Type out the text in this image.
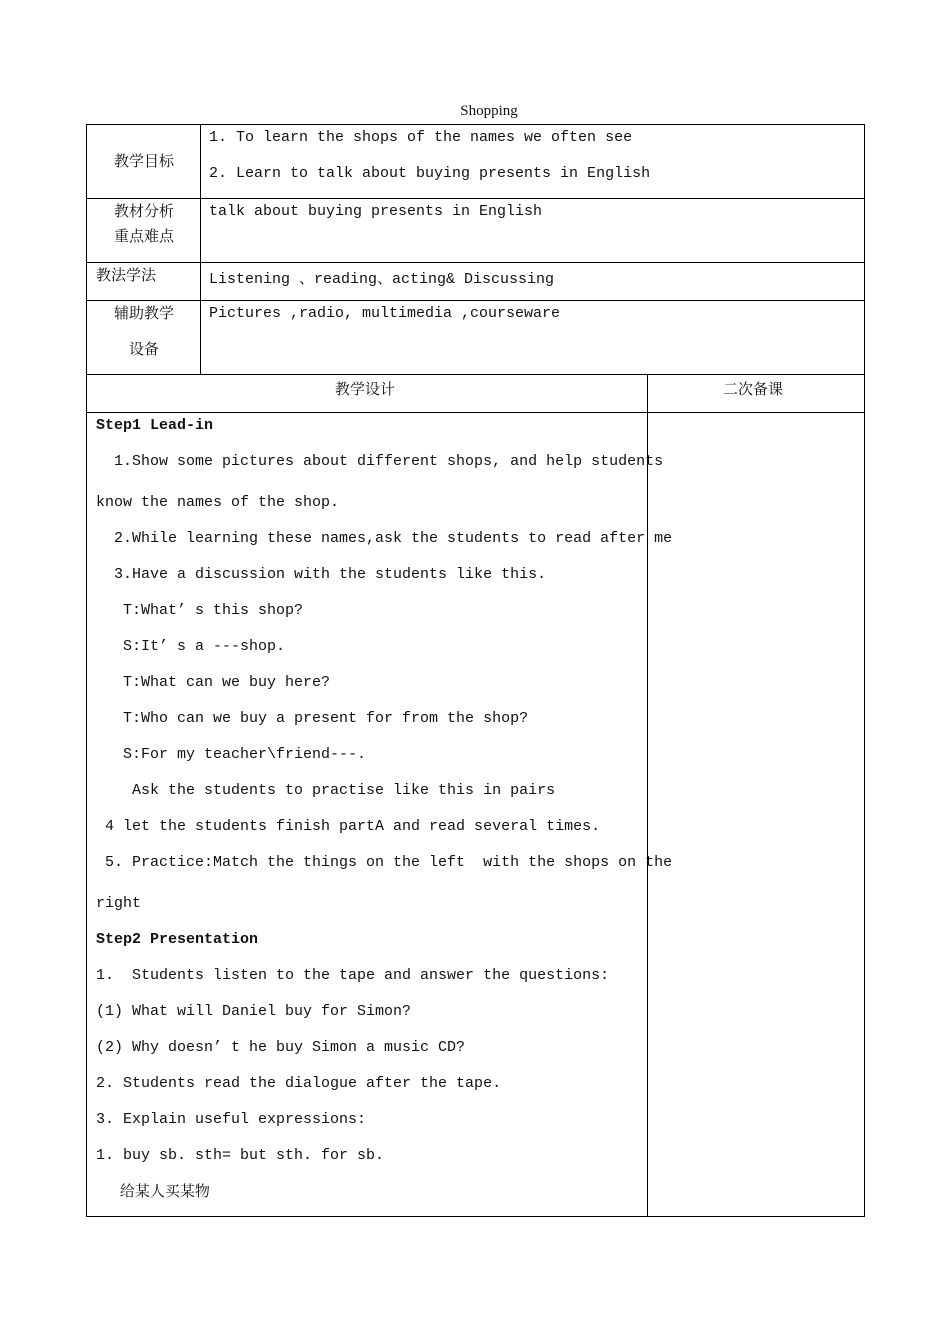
Shopping
教学目标
1. To learn the shops of the names we often see
2. Learn to talk about buying presents in English
教材分析
重点难点
talk about buying presents in English
教法学法	Listening 、reading、acting& Discussing
辅助教学
设备
Pictures ,radio, multimedia ,courseware
教学设计	二次备课
Step1 Lead-in
1.Show some pictures about different shops, and help students
know the names of the shop.
2.While learning these names,ask the students to read after me
3.Have a discussion with the students like this.
T:What’ s this shop?
S:It’ s a ---shop.
T:What can we buy here?
T:Who can we buy a present for from the shop?
S:For my teacher\friend---.
Ask the students to practise like this in pairs
4 let the students finish partA and read several times.
5. Practice:Match the things on the left  with the shops on the
right
Step2 Presentation
1.  Students listen to the tape and answer the questions:
(1) What will Daniel buy for Simon?
(2) Why doesn’ t he buy Simon a music CD?
2. Students read the dialogue after the tape.
3. Explain useful expressions:
1. buy sb. sth= but sth. for sb.
给某人买某物
